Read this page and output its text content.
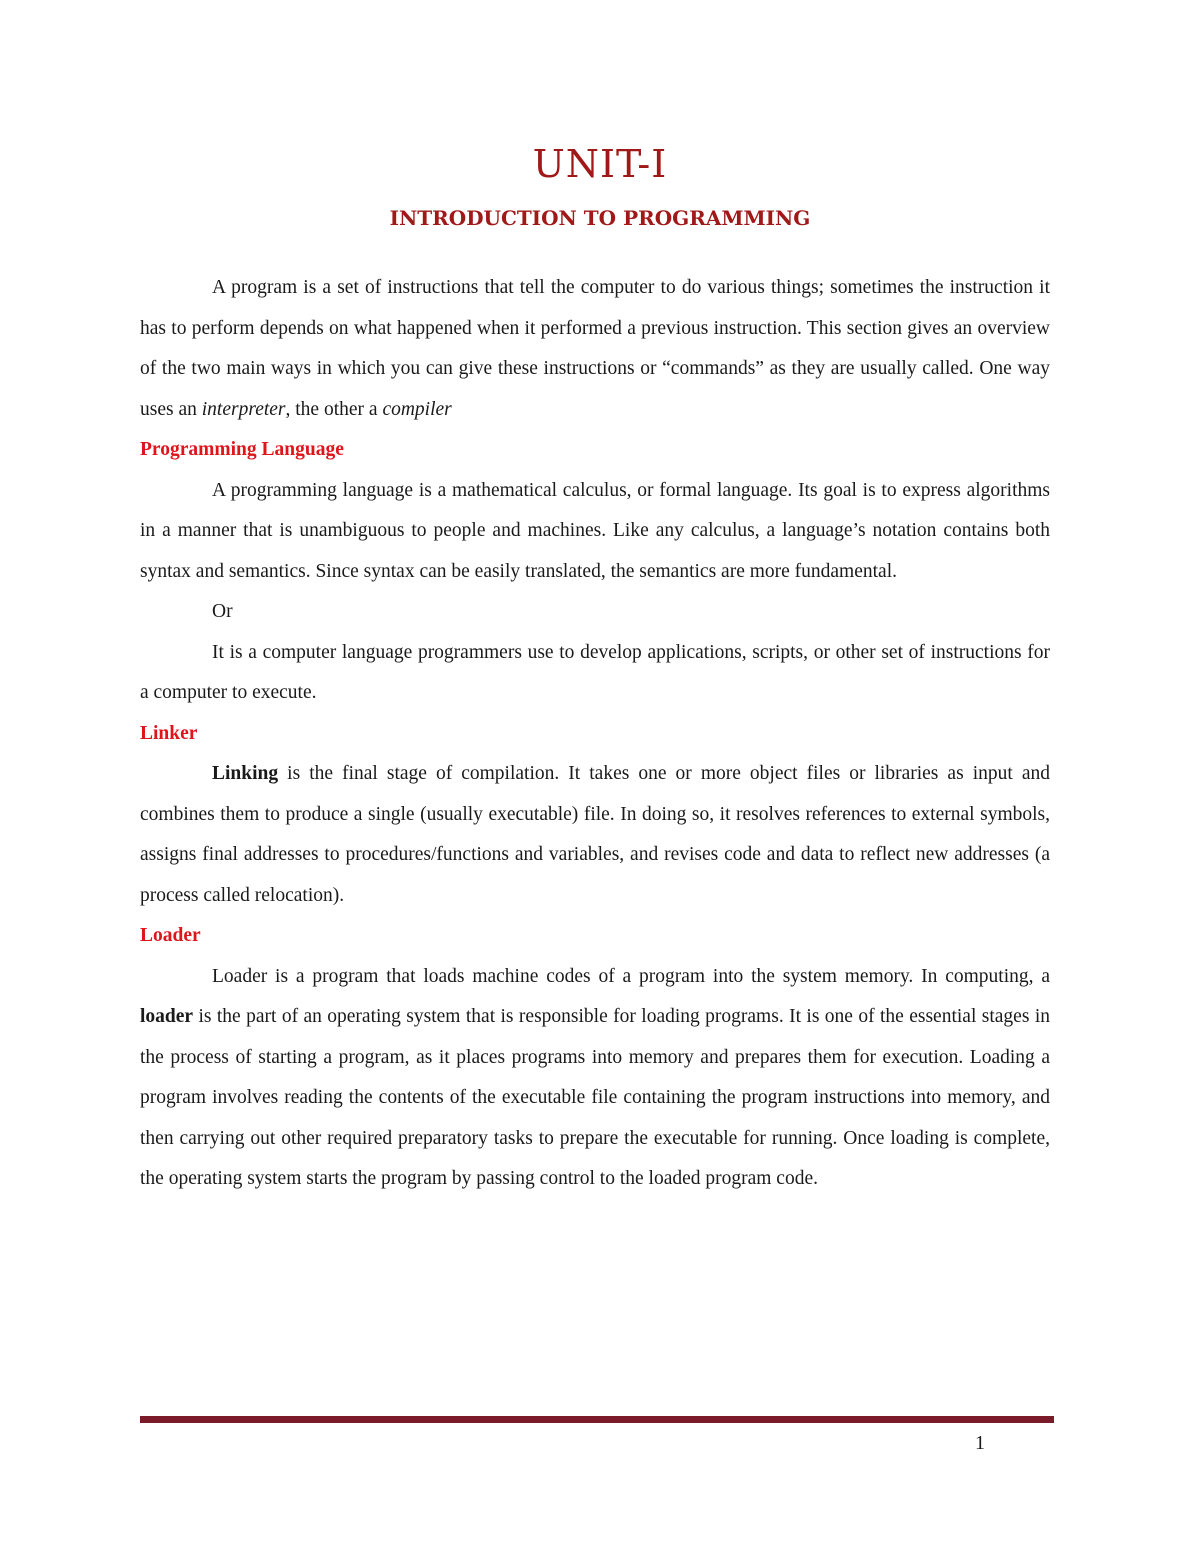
UNIT-I
INTRODUCTION TO PROGRAMMING

A program is a set of instructions that tell the computer to do various things; sometimes the instruction it has to perform depends on what happened when it performed a previous instruction. This section gives an overview of the two main ways in which you can give these instructions or “commands” as they are usually called. One way uses an interpreter, the other a compiler

Programming Language

A programming language is a mathematical calculus, or formal language. Its goal is to express algorithms in a manner that is unambiguous to people and machines. Like any calculus, a language’s notation contains both syntax and semantics. Since syntax can be easily translated, the semantics are more fundamental.

Or

It is a computer language programmers use to develop applications, scripts, or other set of instructions for a computer to execute.

Linker

Linking is the final stage of compilation. It takes one or more object files or libraries as input and combines them to produce a single (usually executable) file. In doing so, it resolves references to external symbols, assigns final addresses to procedures/functions and variables, and revises code and data to reflect new addresses (a process called relocation).

Loader

Loader is a program that loads machine codes of a program into the system memory. In computing, a loader is the part of an operating system that is responsible for loading programs. It is one of the essential stages in the process of starting a program, as it places programs into memory and prepares them for execution. Loading a program involves reading the contents of the executable file containing the program instructions into memory, and then carrying out other required preparatory tasks to prepare the executable for running. Once loading is complete, the operating system starts the program by passing control to the loaded program code.

1
